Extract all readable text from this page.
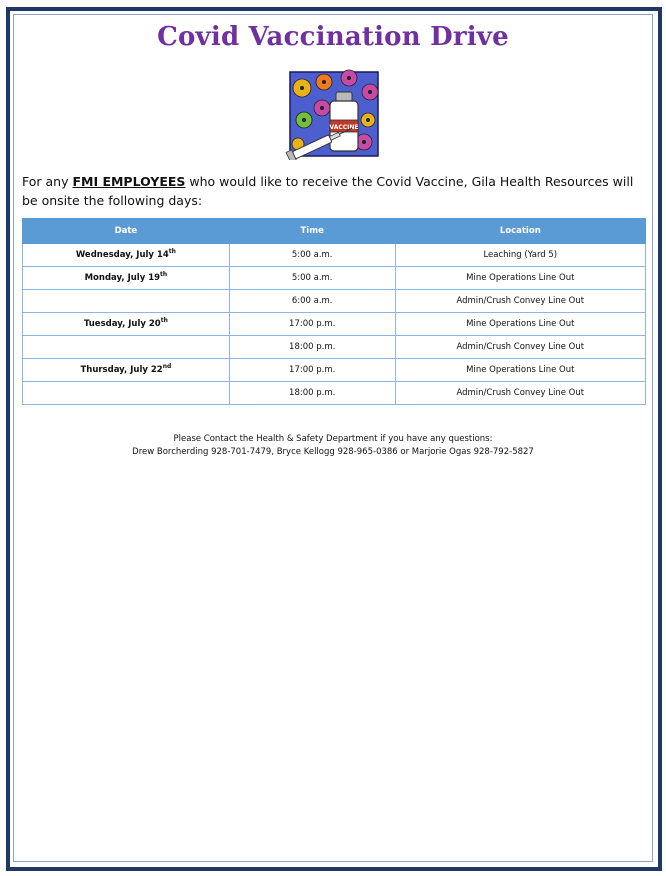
Covid Vaccination Drive
VACCINE
For any FMI EMPLOYEES who would like to receive the Covid Vaccine, Gila Health Resources will be onsite the following days:
Date	Time	Location
Wednesday, July 14th	5:00 a.m.	Leaching (Yard 5)
Monday, July 19th	5:00 a.m.	Mine Operations Line Out
	6:00 a.m.	Admin/Crush Convey Line Out
Tuesday, July 20th	17:00 p.m.	Mine Operations Line Out
	18:00 p.m.	Admin/Crush Convey Line Out
Thursday, July 22nd	17:00 p.m.	Mine Operations Line Out
	18:00 p.m.	Admin/Crush Convey Line Out
Please Contact the Health & Safety Department if you have any questions:
Drew Borcherding 928-701-7479, Bryce Kellogg 928-965-0386 or Marjorie Ogas 928-792-5827
